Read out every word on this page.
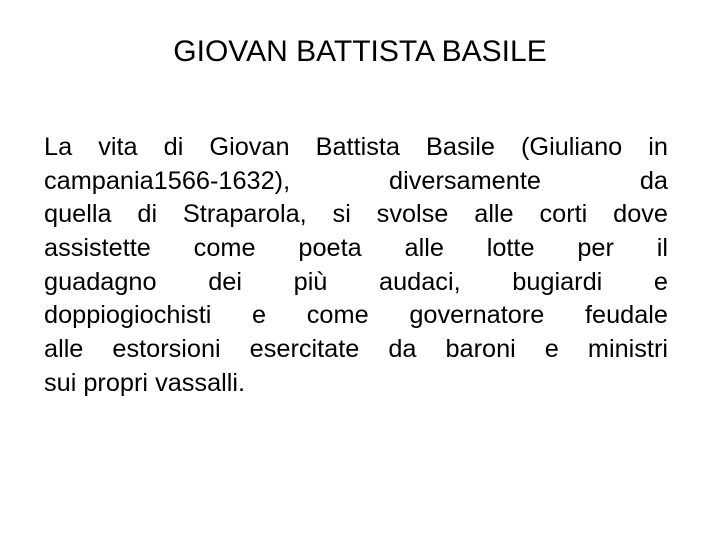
GIOVAN BATTISTA BASILE
La vita di Giovan Battista Basile (Giuliano in
campania1566-1632), diversamente da
quella di Straparola, si svolse alle corti dove
assistette come poeta alle lotte per il
guadagno dei più audaci, bugiardi e
doppiogiochisti e come governatore feudale
alle estorsioni esercitate da baroni e ministri
sui propri vassalli.
